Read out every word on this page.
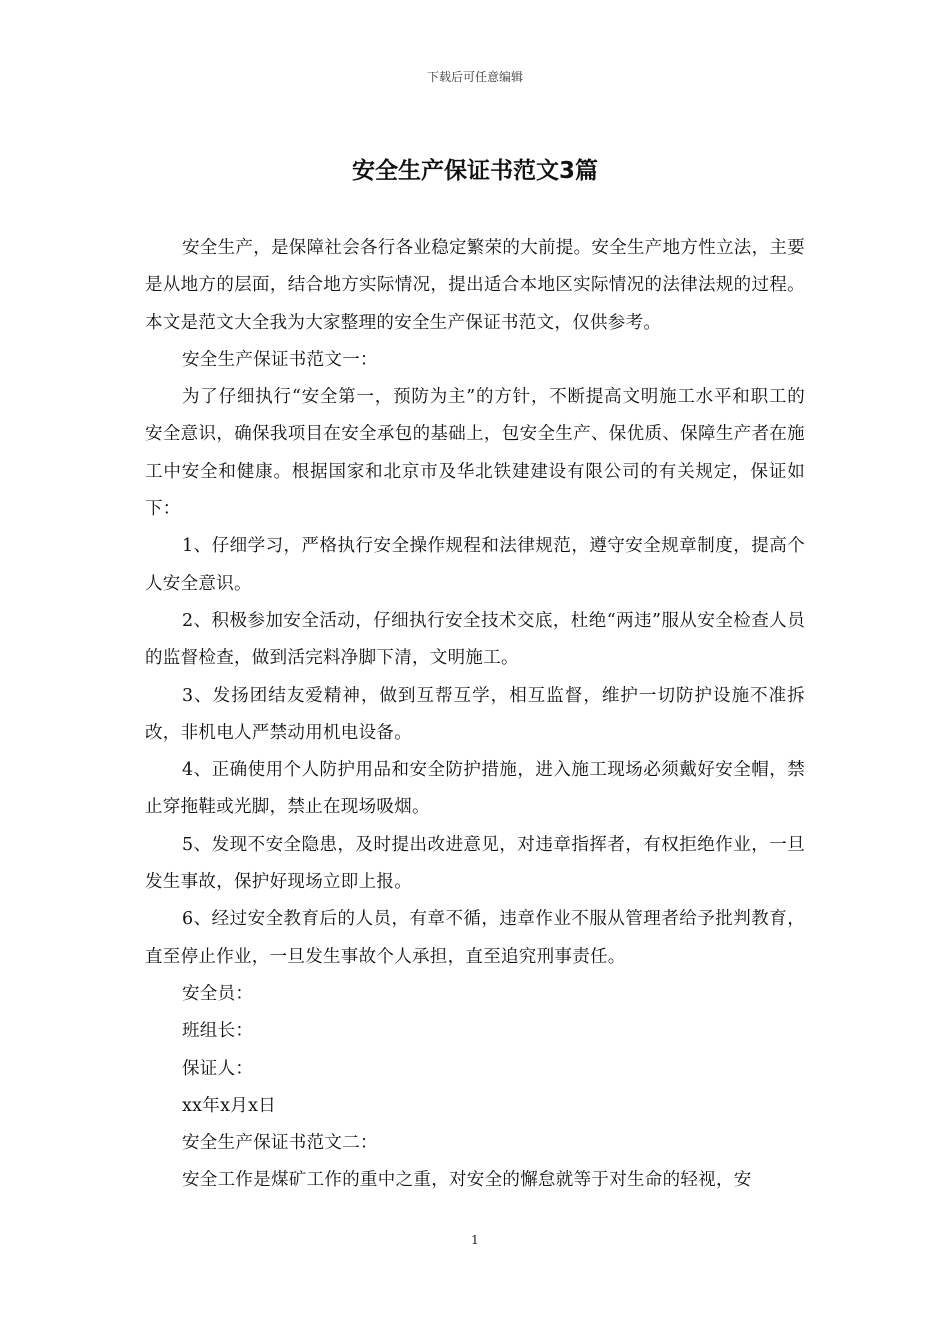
下载后可任意编辑
安全生产保证书范文3篇

安全生产，是保障社会各行各业稳定繁荣的大前提。安全生产地方性立法，主要是从地方的层面，结合地方实际情况，提出适合本地区实际情况的法律法规的过程。本文是范文大全我为大家整理的安全生产保证书范文，仅供参考。

安全生产保证书范文一：

为了仔细执行“安全第一，预防为主”的方针，不断提高文明施工水平和职工的安全意识，确保我项目在安全承包的基础上，包安全生产、保优质、保障生产者在施工中安全和健康。根据国家和北京市及华北铁建建设有限公司的有关规定，保证如下：

1、仔细学习，严格执行安全操作规程和法律规范，遵守安全规章制度，提高个人安全意识。

2、积极参加安全活动，仔细执行安全技术交底，杜绝“两违”服从安全检查人员的监督检查，做到活完料净脚下清，文明施工。

3、发扬团结友爱精神，做到互帮互学，相互监督，维护一切防护设施不准拆改，非机电人严禁动用机电设备。

4、正确使用个人防护用品和安全防护措施，进入施工现场必须戴好安全帽，禁止穿拖鞋或光脚，禁止在现场吸烟。

5、发现不安全隐患，及时提出改进意见，对违章指挥者，有权拒绝作业，一旦发生事故，保护好现场立即上报。

6、经过安全教育后的人员，有章不循，违章作业不服从管理者给予批判教育，直至停止作业，一旦发生事故个人承担，直至追究刑事责任。

安全员：

班组长：

保证人：

xx年x月x日

安全生产保证书范文二：

安全工作是煤矿工作的重中之重，对安全的懈怠就等于对生命的轻视，安

1
